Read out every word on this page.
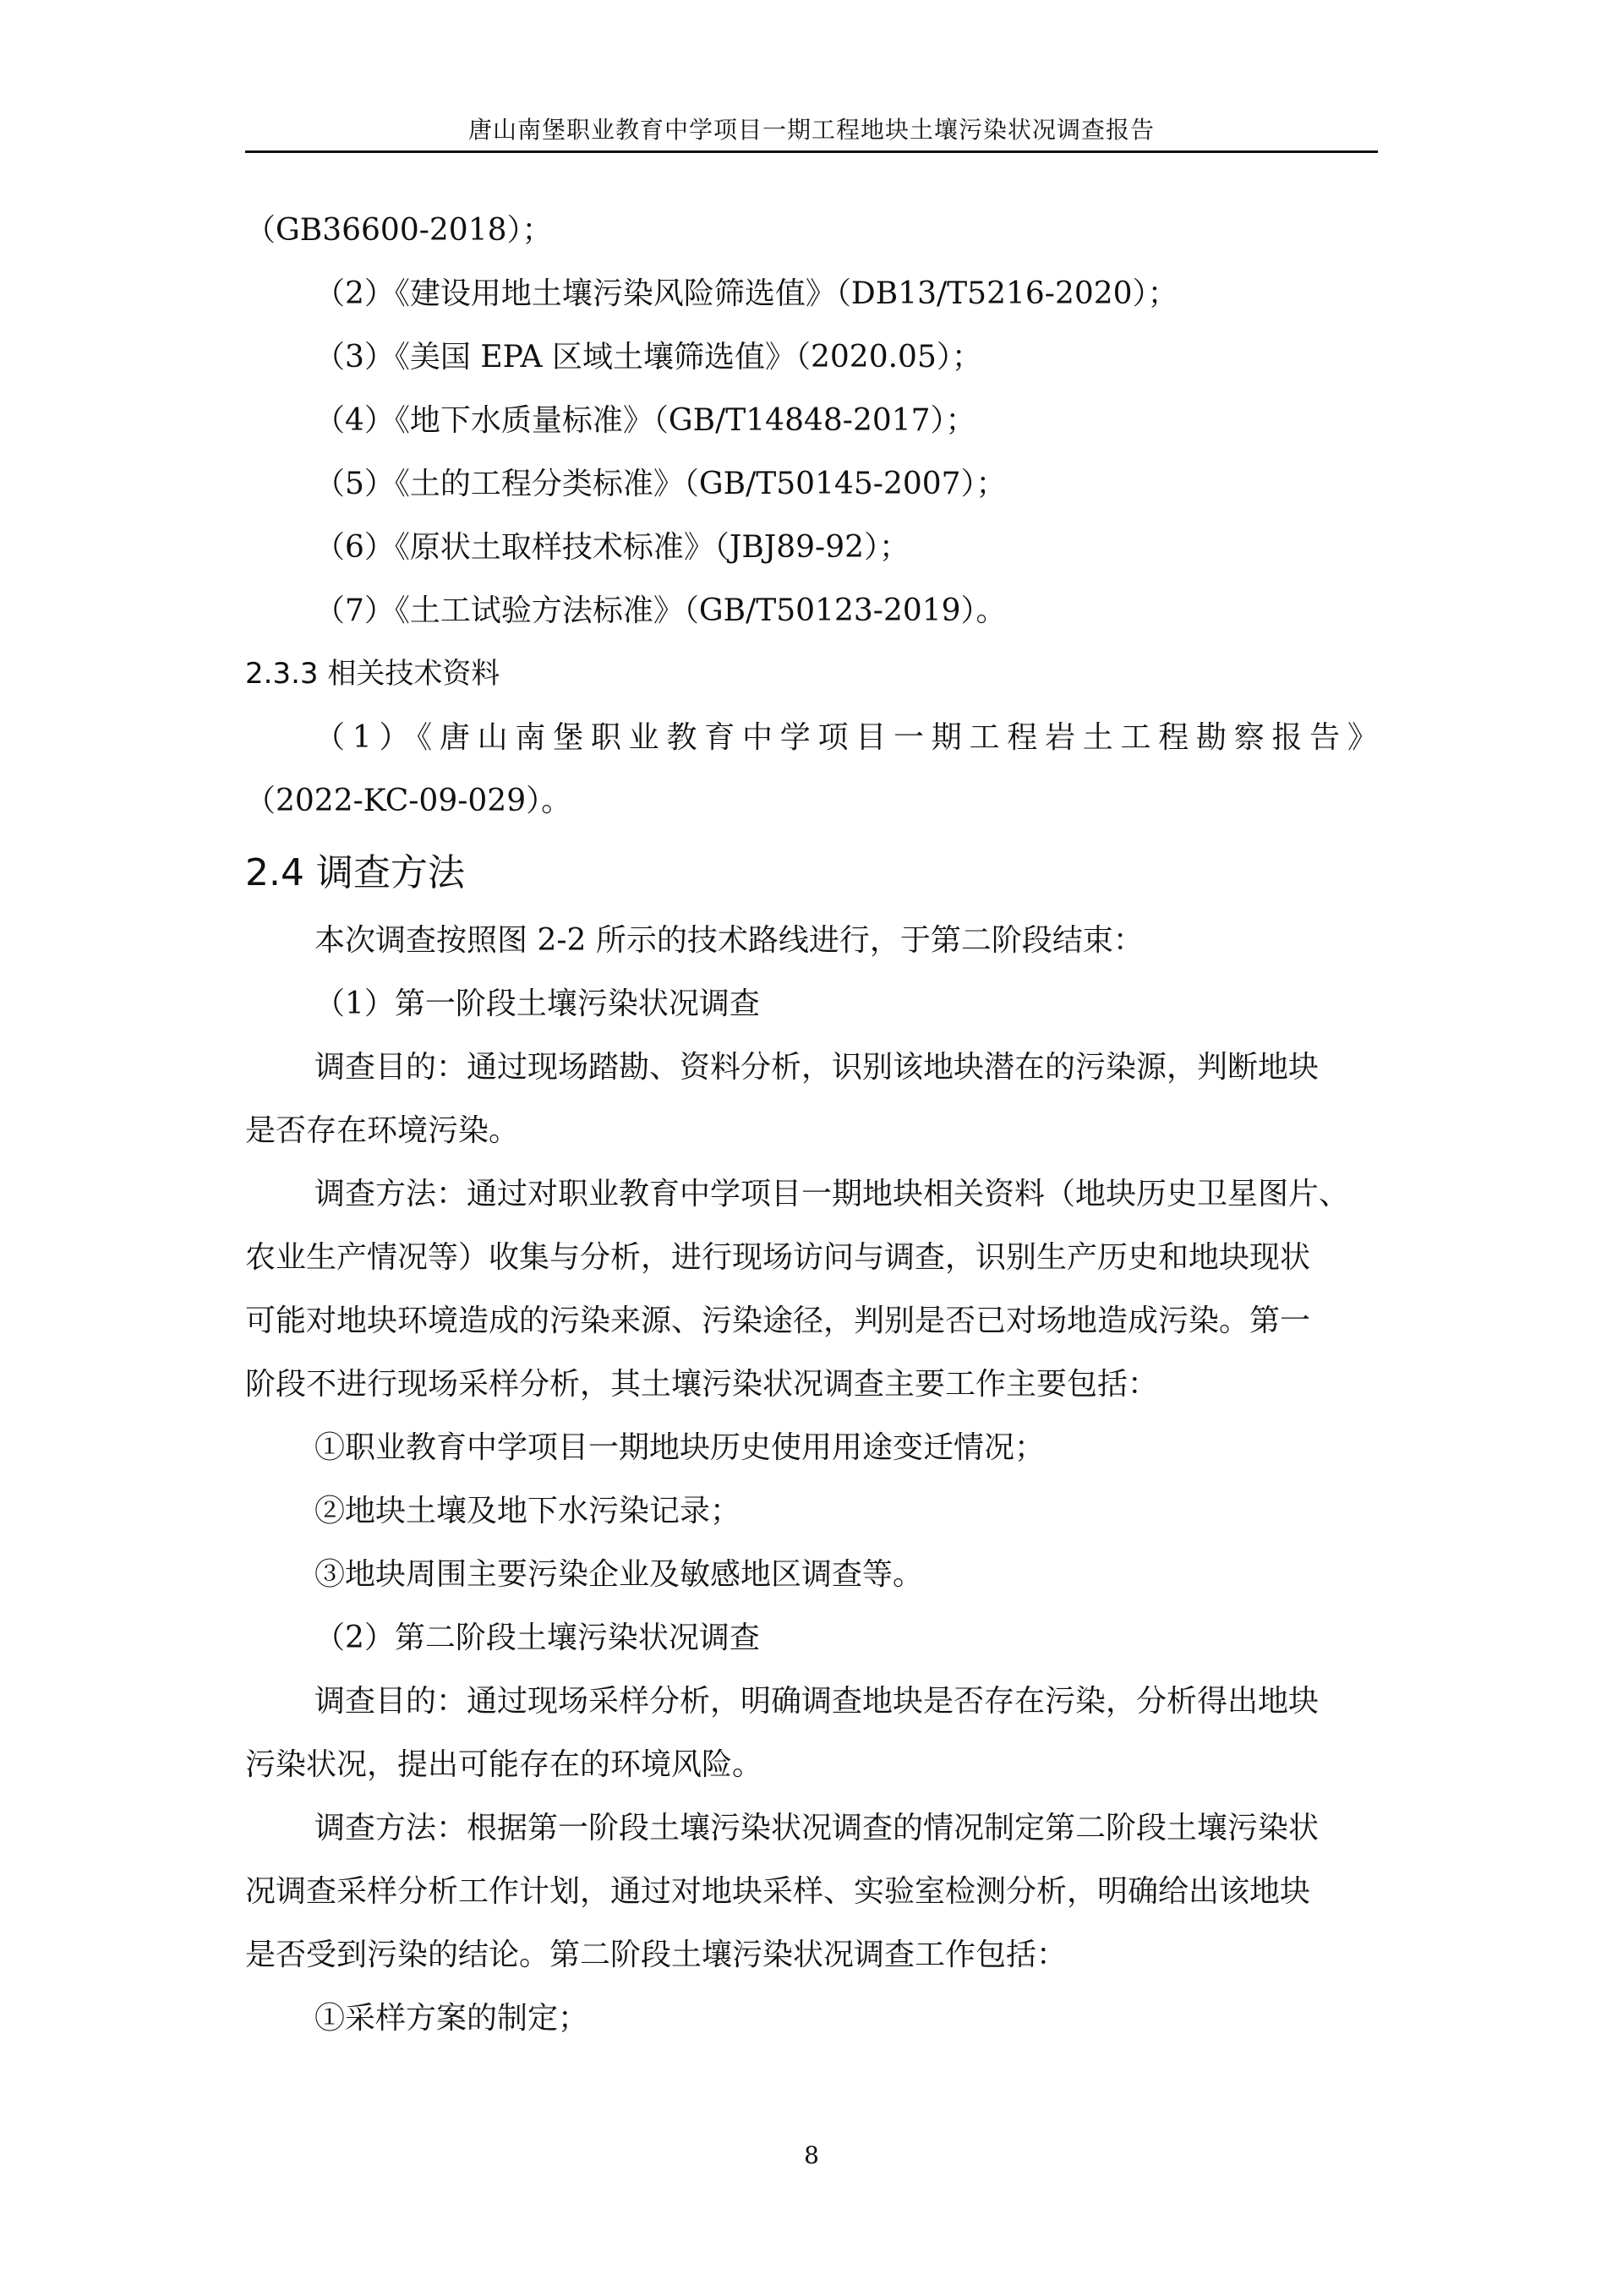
唐山南堡职业教育中学项目一期工程地块土壤污染状况调查报告
（GB36600-2018）；
（2）《建设用地土壤污染风险筛选值》（DB13/T5216-2020）；
（3）《美国 EPA 区域土壤筛选值》（2020.05）；
（4）《地下水质量标准》（GB/T14848-2017）；
（5）《土的工程分类标准》（GB/T50145-2007）；
（6）《原状土取样技术标准》（JBJ89-92）；
（7）《土工试验方法标准》（GB/T50123-2019）。
2.3.3 相关技术资料
（1）《唐山南堡职业教育中学项目一期工程岩土工程勘察报告》
（2022-KC-09-029）。
2.4 调查方法
本次调查按照图 2-2 所示的技术路线进行，于第二阶段结束：
（1）第一阶段土壤污染状况调查
调查目的：通过现场踏勘、资料分析，识别该地块潜在的污染源，判断地块
是否存在环境污染。
调查方法：通过对职业教育中学项目一期地块相关资料（地块历史卫星图片、
农业生产情况等）收集与分析，进行现场访问与调查，识别生产历史和地块现状
可能对地块环境造成的污染来源、污染途径，判别是否已对场地造成污染。第一
阶段不进行现场采样分析，其土壤污染状况调查主要工作主要包括：
①职业教育中学项目一期地块历史使用用途变迁情况；
②地块土壤及地下水污染记录；
③地块周围主要污染企业及敏感地区调查等。
（2）第二阶段土壤污染状况调查
调查目的：通过现场采样分析，明确调查地块是否存在污染，分析得出地块
污染状况，提出可能存在的环境风险。
调查方法：根据第一阶段土壤污染状况调查的情况制定第二阶段土壤污染状
况调查采样分析工作计划，通过对地块采样、实验室检测分析，明确给出该地块
是否受到污染的结论。第二阶段土壤污染状况调查工作包括：
①采样方案的制定；
8
